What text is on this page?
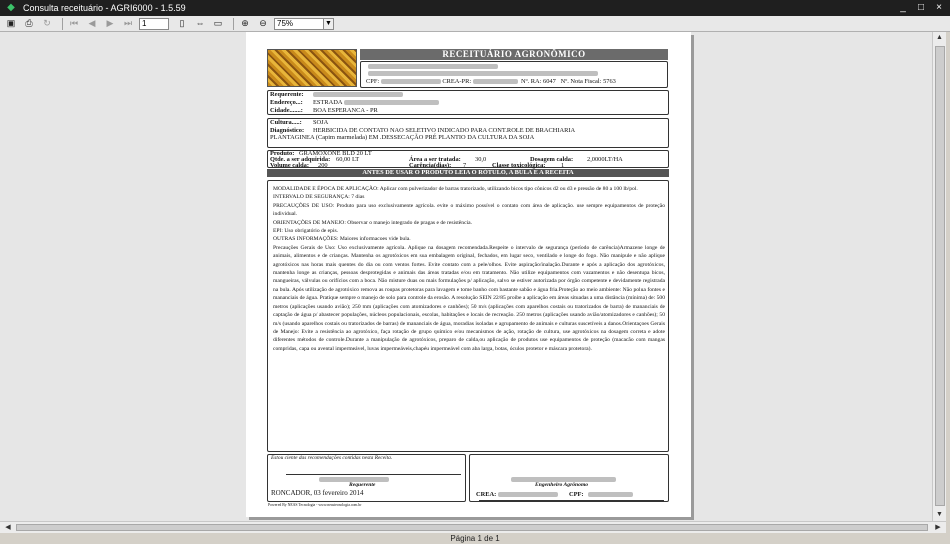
◆ Consulta receituário - AGRI6000 - 1.5.59	_	□	×
▣	⎙	↻	⏮	◀	▶	⏭	1	▯	⇔	▭	⊕	⊖	75%	▼
RECEITUÁRIO AGRONÔMICO
CPF:	CREA-PR:	Nº. RA: 6047 Nº. Nota Fiscal: 5763
Requerente:
Endereço...: ESTRADA
Cidade.......: BOA ESPERANCA - PR
Cultura.....: SOJA
Diagnóstico: HERBICIDA DE CONTATO NAO SELETIVO INDICADO PARA CONT.ROLE DE BRACHIARIA
PLANTAGINEA (Capim marmelada) EM .DESSECAÇÃO PRÉ PLANTIO DA CULTURA DA SOJA
Produto: GRAMOXONE BLD 20 LT
Qtde. a ser adquirida: 60,00 LT	Área a ser tratada: 30,0	Dosagem calda: 2,0000LT/HA
Volume calda: 200	Carência(dias): 7	Classe toxicológica: 1
ANTES DE USAR O PRODUTO LEIA O RÓTULO, A BULA E A RECEITA

MODALIDADE E ÉPOCA DE APLICAÇÃO: Aplicar com pulverizador de barras tratorizado, utilizando bicos tipo cônicos d2 ou d3 e pressão de 80 a 100 lb/pol.

INTERVALO DE SEGURANÇA: 7 dias

PRECAUÇÕES DE USO: Produto para uso exclusivamente agrícola. evite o máximo possível o contato com área de aplicação. use sempre equipamentos de proteção individual.

ORIENTAÇÕES DE MANEJO: Observar o manejo integrado de pragas e de resistência.

EPI: Uso obrigatório de epis.

OUTRAS INFORMAÇÕES: Maiores informacoes vide bula.

Precauções Gerais de Uso: Uso exclusivamente agrícola. Aplique na dosagem recomendada.Respeite o intervalo de segurança (período de carência)Armazene longe de animais, alimentos e de crianças. Mantenha os agrotóxicos em sua embalagem original, fechados, em lugar seco, ventilado e longe do fogo. Não manipule e não aplique agrotóxicos nas horas mais quentes do dia ou com ventos fortes. Evite contato com a pele/olhos. Evite aspiração/inalação.Durante e após a aplicação dos agrotóxicos, mantenha longe as crianças, pessoas desprotegidas e animais das áreas tratadas e/ou em tratamento. Não utilize equipamentos com vazamentos e não desentupa bicos, mangueiras, válvulas ou orifícios com a boca. Não misture duas ou mais formulações p/ aplicação, salvo se estiver autorizada por órgão competente e devidamente registrada na bula. Após utilização de agrotóxico remova as roupas protetoras para lavagem e tome banho com bastante sabão e água fria.Proteção ao meio ambiente: Não polua fontes e mananciais de água. Pratique sempre o manejo de solo para controle da erosão. A resolução SEIN 22/85 proíbe a aplicação em áreas situadas a uma distância (mínima) de: 500 metros (aplicações usando avião); 250 mm (aplicações com atomizadores e canhões); 50 m/s (aplicações com aparelhos costais ou tratorizados de barra) de mananciais de captação de água p/ abastecer populações, núcleos populacionais, escolas, habitações e locais de recreação. 250 metros (aplicações usando avião/atomizadores e canhões); 50 m/s (usando aparelhos costais ou tratorizados de barras) de mananciais de água, moradias isoladas e agrupamento de animais e culturas suscetíveis a danos.Orientaçoes Gerais de Manejo: Evite a resistência ao agrotóxico, faça rotação de grupo químico e/ou mecanismos de ação, rotação de cultura, use agrotóxicos na dosagem correta e adote diferentes métodos de controle.Durante a manipulação de agrotóxicos, preparo de calda,ou aplicação de produtos use equipamentos de proteção (macacão com mangas compridas, capa ou avental impermeável, luvas impermeáveis,chapéu impermeável com aba larga, botas, óculos protetor e máscara protetora).

Estou ciente das recomendações contidas nesta Receita.
Requerente
RONCADOR, 03 fevereiro 2014
Engenheiro Agrônomo
CREA:	CPF:
Powered By NEAS Tecnologia - www.neastecnologia.com.br
▲
▼
◀	▶
Página 1 de 1
